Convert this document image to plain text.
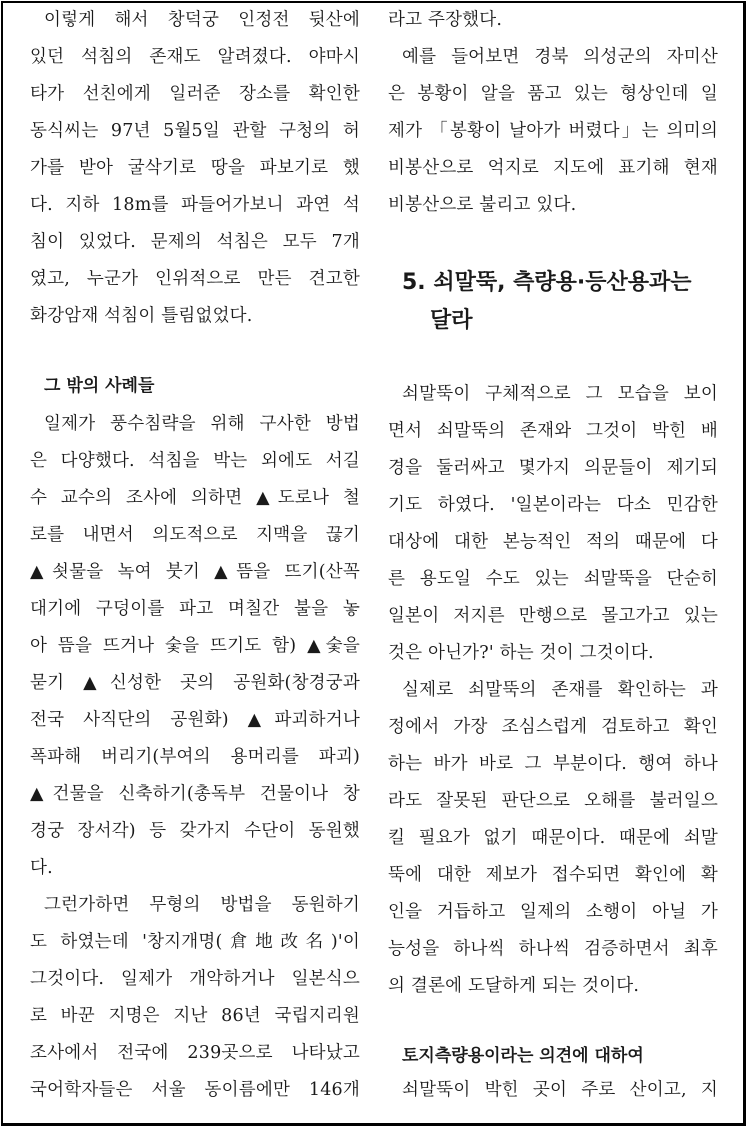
이렇게 해서 창덕궁 인정전 뒷산에
있던 석침의 존재도 알려졌다. 야마시
타가 선친에게 일러준 장소를 확인한
동식씨는 97년 5월5일 관할 구청의 허
가를 받아 굴삭기로 땅을 파보기로 했
다. 지하 18m를 파들어가보니 과연 석
침이 있었다. 문제의 석침은 모두 7개
였고, 누군가 인위적으로 만든 견고한
화강암재 석침이 틀림없었다.
그 밖의 사례들
일제가 풍수침략을 위해 구사한 방법
은 다양했다. 석침을 박는 외에도 서길
수 교수의 조사에 의하면 ▲도로나 철
로를 내면서 의도적으로 지맥을 끊기
▲쇳물을 녹여 붓기 ▲뜸을 뜨기(산꼭
대기에 구덩이를 파고 며칠간 불을 놓
아 뜸을 뜨거나 숯을 뜨기도 함) ▲숯을
묻기 ▲신성한 곳의 공원화(창경궁과
전국 사직단의 공원화) ▲파괴하거나
폭파해 버리기(부여의 용머리를 파괴)
▲건물을 신축하기(총독부 건물이나 창
경궁 장서각) 등 갖가지 수단이 동원했
다.
그런가하면 무형의 방법을 동원하기
도 하였는데 '창지개명(倉地改名)'이
그것이다. 일제가 개악하거나 일본식으
로 바꾼 지명은 지난 86년 국립지리원
조사에서 전국에 239곳으로 나타났고
국어학자들은 서울 동이름에만 146개
라고 주장했다.
예를 들어보면 경북 의성군의 자미산
은 봉황이 알을 품고 있는 형상인데 일
제가 「봉황이 날아가 버렸다」는 의미의
비봉산으로 억지로 지도에 표기해 현재
비봉산으로 불리고 있다.
5. 쇠말뚝, 측량용·등산용과는
달라
쇠말뚝이 구체적으로 그 모습을 보이
면서 쇠말뚝의 존재와 그것이 박힌 배
경을 둘러싸고 몇가지 의문들이 제기되
기도 하였다. '일본이라는 다소 민감한
대상에 대한 본능적인 적의 때문에 다
른 용도일 수도 있는 쇠말뚝을 단순히
일본이 저지른 만행으로 몰고가고 있는
것은 아닌가?' 하는 것이 그것이다.
실제로 쇠말뚝의 존재를 확인하는 과
정에서 가장 조심스럽게 검토하고 확인
하는 바가 바로 그 부분이다. 행여 하나
라도 잘못된 판단으로 오해를 불러일으
킬 필요가 없기 때문이다. 때문에 쇠말
뚝에 대한 제보가 접수되면 확인에 확
인을 거듭하고 일제의 소행이 아닐 가
능성을 하나씩 하나씩 검증하면서 최후
의 결론에 도달하게 되는 것이다.
토지측량용이라는 의견에 대하여
쇠말뚝이 박힌 곳이 주로 산이고, 지
